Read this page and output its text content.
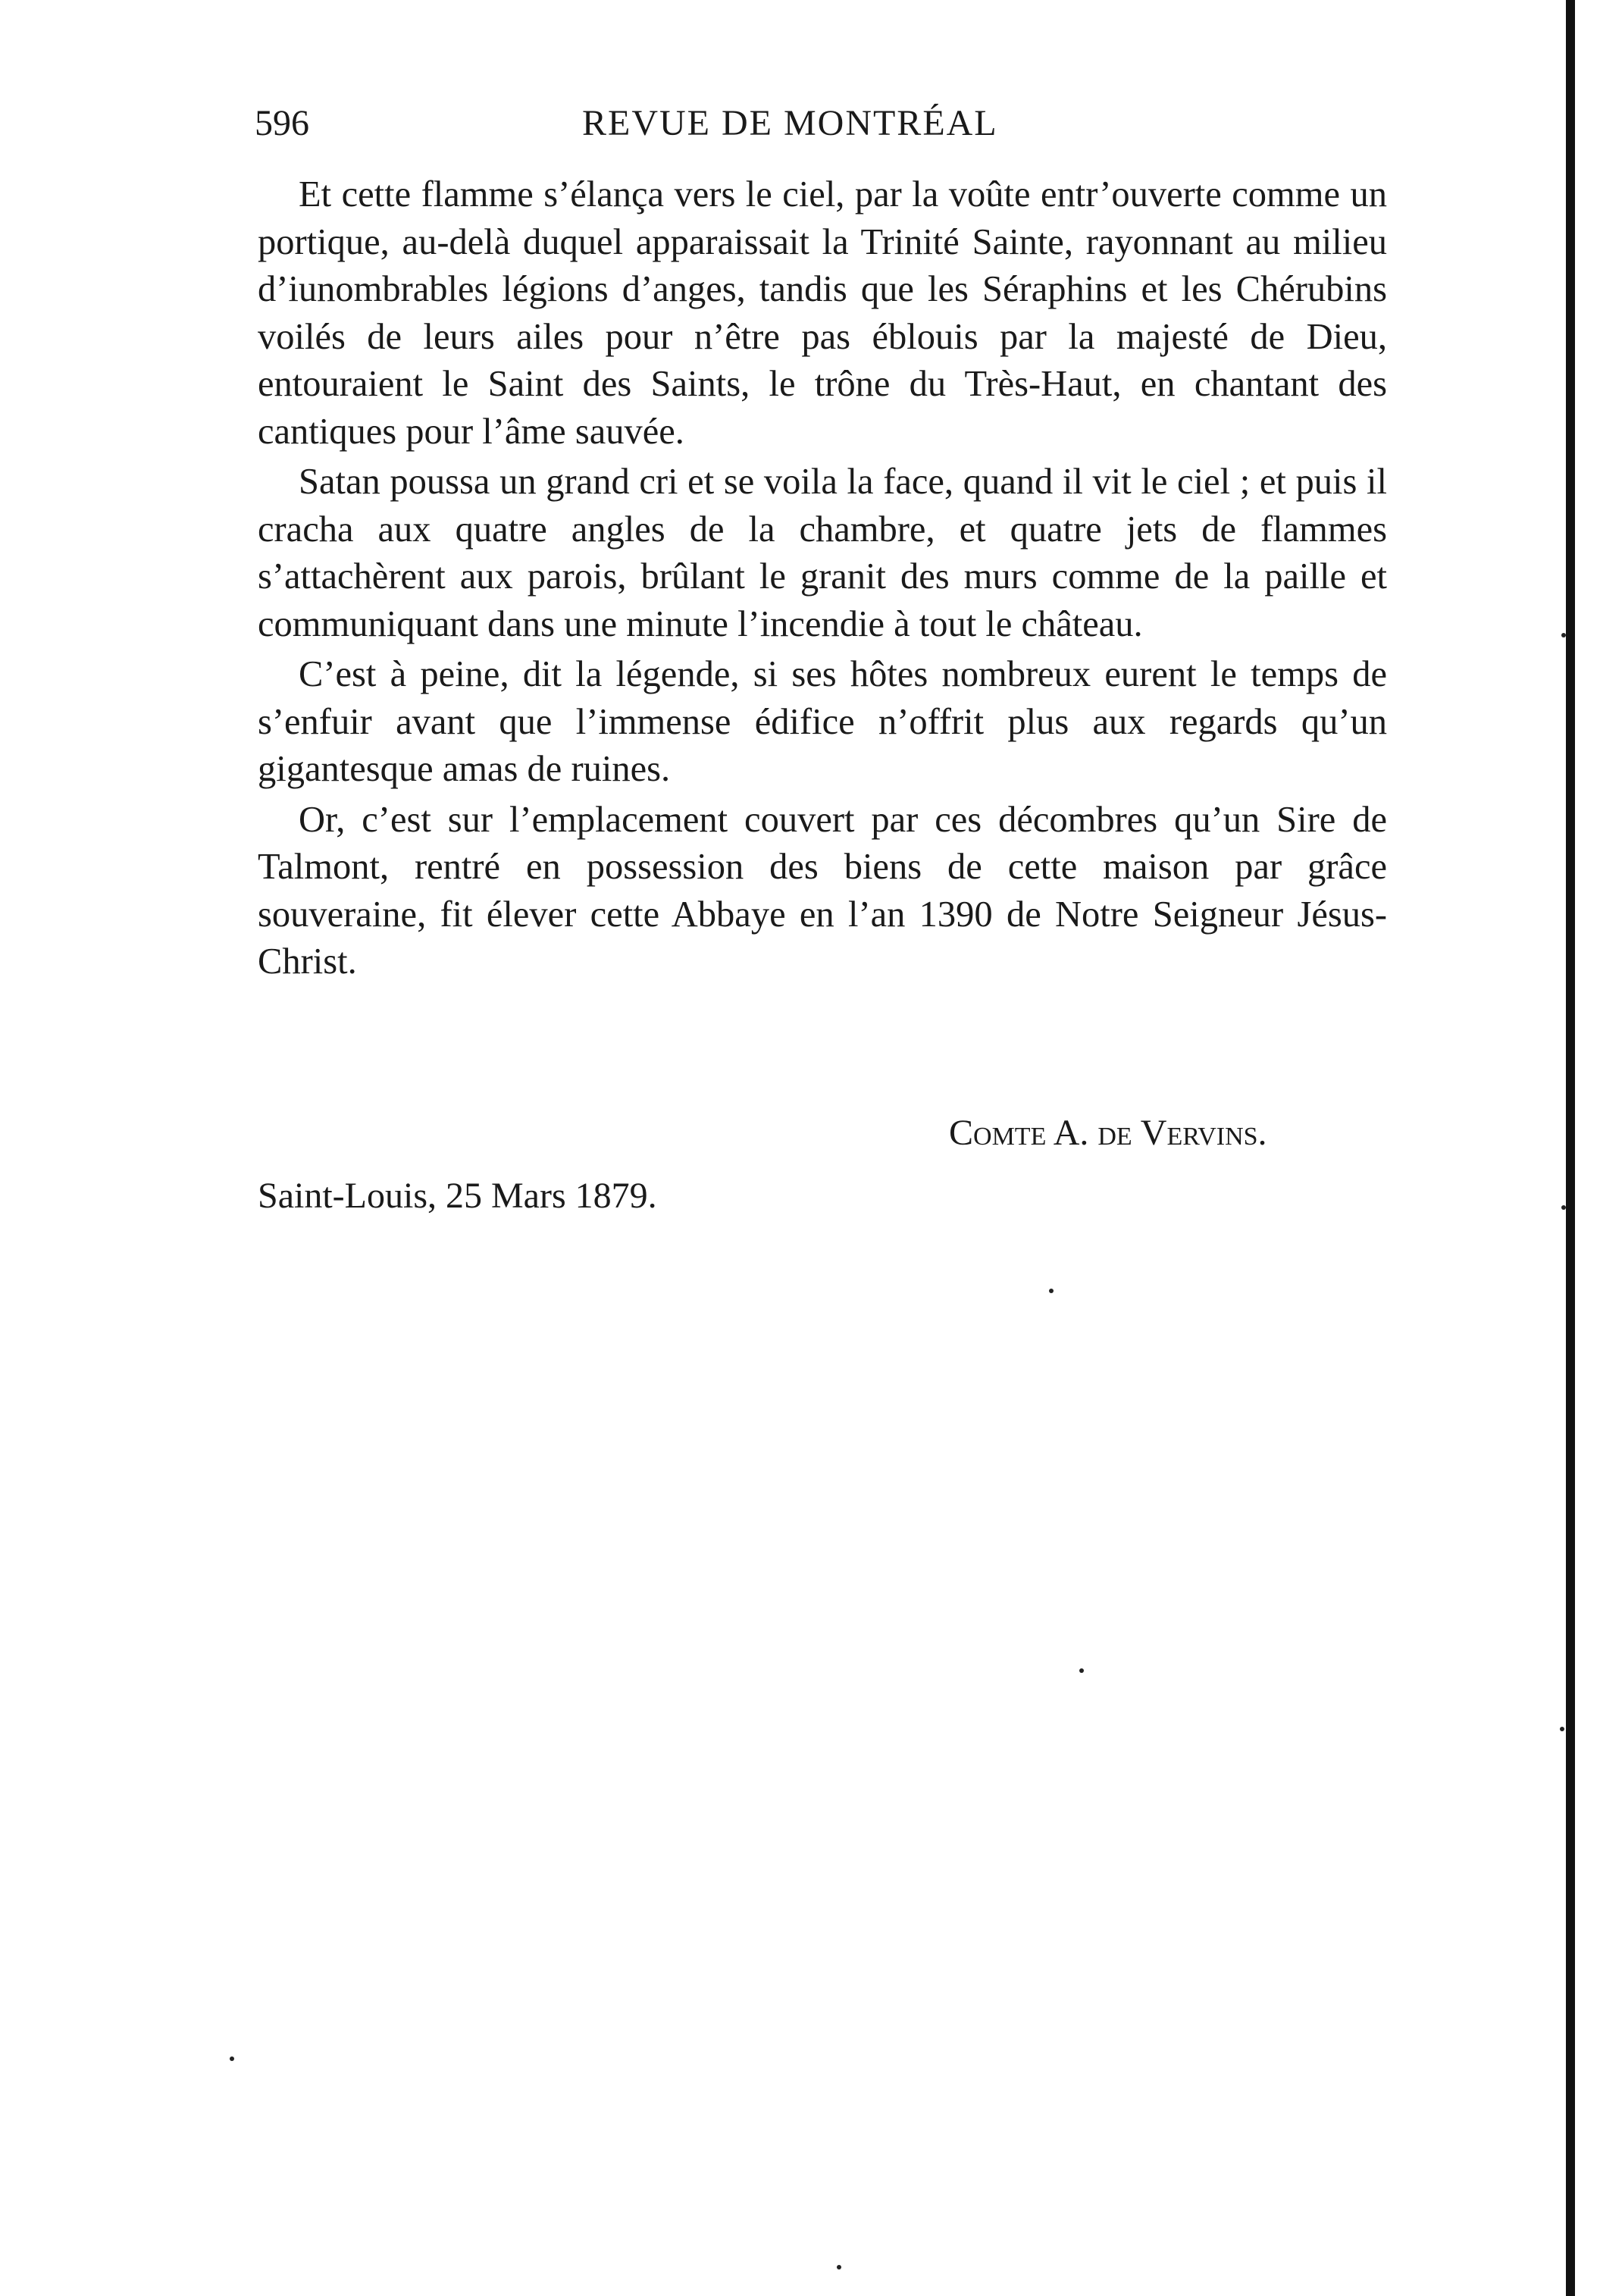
596	REVUE DE MONTRÉAL

Et cette flamme s’élança vers le ciel, par la voûte entr’ouverte comme un portique, au-delà duquel apparaissait la Trinité Sainte, rayonnant au milieu d’iunombrables légions d’anges, tandis que les Séraphins et les Chérubins voilés de leurs ailes pour n’être pas éblouis par la majesté de Dieu, entouraient le Saint des Saints, le trône du Très-Haut, en chantant des cantiques pour l’âme sauvée.

Satan poussa un grand cri et se voila la face, quand il vit le ciel ; et puis il cracha aux quatre angles de la chambre, et quatre jets de flammes s’attachèrent aux parois, brûlant le granit des murs comme de la paille et communiquant dans une minute l’incendie à tout le château.

C’est à peine, dit la légende, si ses hôtes nombreux eurent le temps de s’enfuir avant que l’immense édifice n’offrit plus aux regards qu’un gigantesque amas de ruines.

Or, c’est sur l’emplacement couvert par ces décombres qu’un Sire de Talmont, rentré en possession des biens de cette maison par grâce souveraine, fit élever cette Abbaye en l’an 1390 de Notre Seigneur Jésus-Christ.

Comte A. de Vervins.
Saint-Louis, 25 Mars 1879.
